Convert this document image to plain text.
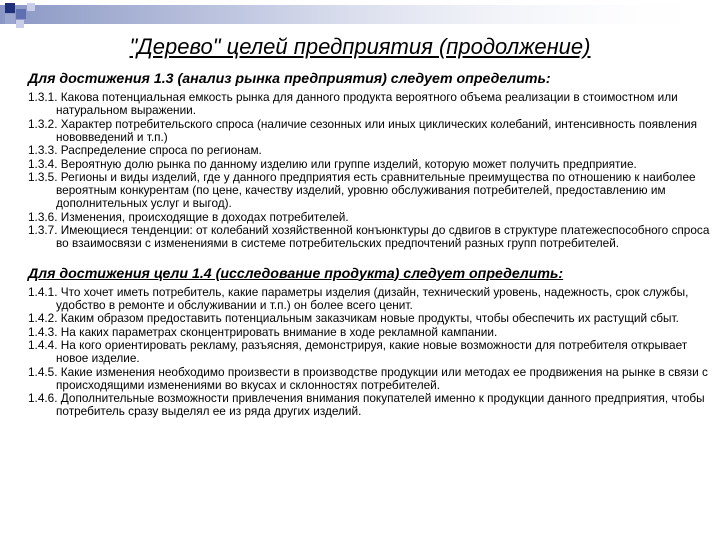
"Дерево" целей предприятия (продолжение)
Для достижения 1.3 (анализ рынка предприятия) следует определить:
1.3.1. Какова потенциальная емкость рынка для данного продукта вероятного объема реализации в стоимостном или натуральном выражении.
1.3.2. Характер потребительского спроса (наличие сезонных или иных циклических колебаний, интенсивность появления нововведений и т.п.)
1.3.3. Распределение спроса по регионам.
1.3.4. Вероятную долю рынка по данному изделию или группе изделий, которую может получить предприятие.
1.3.5. Регионы и виды изделий, где у данного предприятия есть сравнительные преимущества по отношению к наиболее вероятным конкурентам (по цене, качеству изделий, уровню обслуживания потребителей, предоставлению им дополнительных услуг и выгод).
1.3.6. Изменения, происходящие в доходах потребителей.
1.3.7. Имеющиеся тенденции: от колебаний хозяйственной конъюнктуры до сдвигов в структуре платежеспособного спроса во взаимосвязи с изменениями в системе потребительских предпочтений разных групп потребителей.
Для достижения цели 1.4 (исследование продукта) следует определить:
1.4.1. Что хочет иметь потребитель, какие параметры изделия (дизайн, технический уровень, надежность, срок службы, удобство в ремонте и обслуживании и т.п.) он более всего ценит.
1.4.2. Каким образом предоставить потенциальным заказчикам новые продукты, чтобы обеспечить их растущий сбыт.
1.4.3. На каких параметрах сконцентрировать внимание в ходе рекламной кампании.
1.4.4. На кого ориентировать рекламу, разъясняя, демонстрируя, какие новые возможности для потребителя открывает новое изделие.
1.4.5. Какие изменения необходимо произвести в производстве продукции или методах ее продвижения на рынке в связи с происходящими изменениями во вкусах и склонностях потребителей.
1.4.6. Дополнительные возможности привлечения внимания покупателей именно к продукции данного предприятия, чтобы потребитель сразу выделял ее из ряда других изделий.
